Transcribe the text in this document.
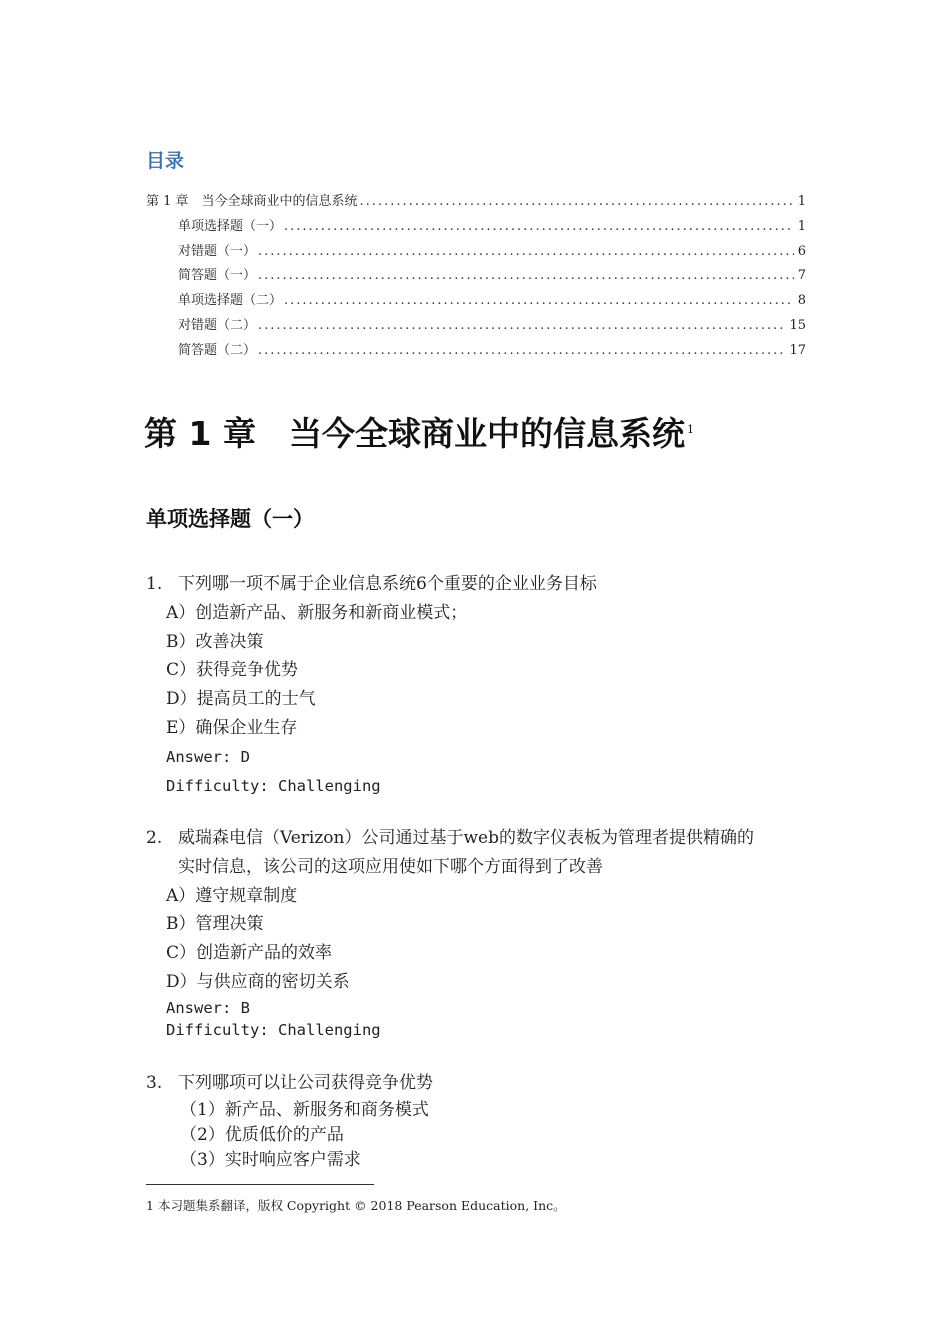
目录
第 1 章　当今全球商业中的信息系统 .....	1
单项选择题（一） .....	1
对错题（一） .....	6
简答题（一） .....	7
单项选择题（二） .....	8
对错题（二） .....	15
简答题（二） .....	17
第 1 章　当今全球商业中的信息系统 $^1$
单项选择题（一）
1. 下列哪一项不属于企业信息系统6个重要的企业业务目标
A）创造新产品、新服务和新商业模式；
B）改善决策
C）获得竞争优势
D）提高员工的士气
E）确保企业生存
Answer: D
Difficulty: Challenging
2. 威瑞森电信（Verizon）公司通过基于web的数字仪表板为管理者提供精确的
实时信息，该公司的这项应用使如下哪个方面得到了改善
A）遵守规章制度
B）管理决策
C）创造新产品的效率
D）与供应商的密切关系
Answer: B
Difficulty: Challenging
3. 下列哪项可以让公司获得竞争优势
（1）新产品、新服务和商务模式
（2）优质低价的产品
（3）实时响应客户需求
1 本习题集系翻译，版权 Copyright © 2018 Pearson Education, Inc。
